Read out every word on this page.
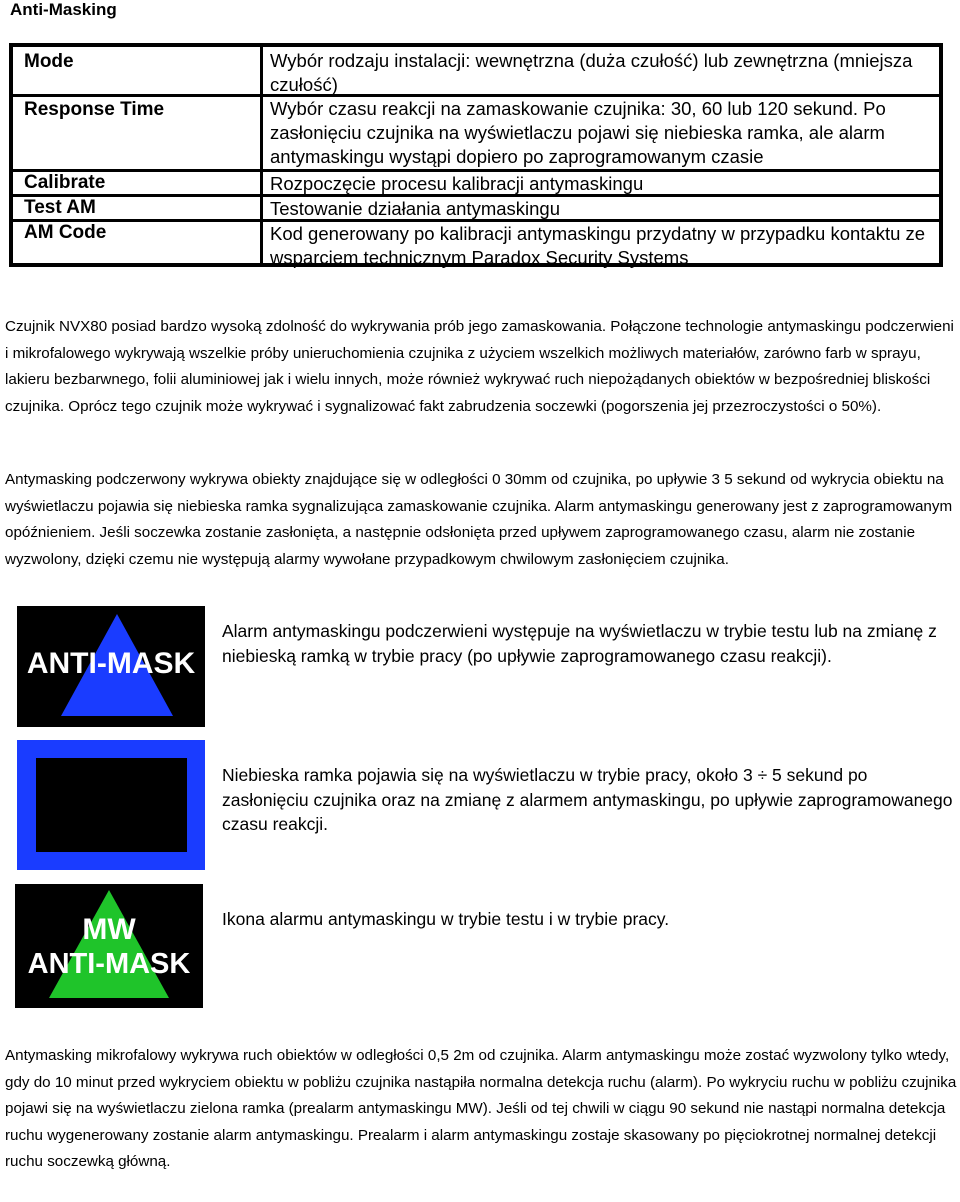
Anti-Masking
Mode	Wybór rodzaju instalacji: wewnętrzna (duża czułość) lub zewnętrzna (mniejsza czułość)
Response Time	Wybór czasu reakcji na zamaskowanie czujnika: 30, 60 lub 120 sekund. Po zasłonięciu czujnika na wyświetlaczu pojawi się niebieska ramka, ale alarm antymaskingu wystąpi dopiero po zaprogramowanym czasie
Calibrate	Rozpoczęcie procesu kalibracji antymaskingu
Test AM	Testowanie działania antymaskingu
AM Code	Kod generowany po kalibracji antymaskingu przydatny w przypadku kontaktu ze wsparciem technicznym Paradox Security Systems

Czujnik NVX80 posiad bardzo wysoką zdolność do wykrywania prób jego zamaskowania. Połączone technologie antymaskingu podczerwieni i mikrofalowego wykrywają wszelkie próby unieruchomienia czujnika z użyciem wszelkich możliwych materiałów, zarówno farb w sprayu, lakieru bezbarwnego, folii aluminiowej jak i wielu innych, może również wykrywać ruch niepożądanych obiektów w bezpośredniej bliskości czujnika. Oprócz tego czujnik może wykrywać i sygnalizować fakt zabrudzenia soczewki (pogorszenia jej przezroczystości o 50%).

Antymasking podczerwony wykrywa obiekty znajdujące się w odległości 0 30mm od czujnika, po upływie 3 5 sekund od wykrycia obiektu na wyświetlaczu pojawia się niebieska ramka sygnalizująca zamaskowanie czujnika. Alarm antymaskingu generowany jest z zaprogramowanym opóźnieniem. Jeśli soczewka zostanie zasłonięta, a następnie odsłonięta przed upływem zaprogramowanego czasu, alarm nie zostanie wyzwolony, dzięki czemu nie występują alarmy wywołane przypadkowym chwilowym zasłonięciem czujnika.

ANTI-MASK
Alarm antymaskingu podczerwieni występuje na wyświetlaczu w trybie testu lub na zmianę z niebieską ramką w trybie pracy (po upływie zaprogramowanego czasu reakcji).
Niebieska ramka pojawia się na wyświetlaczu w trybie pracy, około 3 ÷ 5 sekund po zasłonięciu czujnika oraz na zmianę z alarmem antymaskingu, po upływie zaprogramowanego czasu reakcji.
MW
ANTI-MASK
Ikona alarmu antymaskingu w trybie testu i w trybie pracy.

Antymasking mikrofalowy wykrywa ruch obiektów w odległości 0,5 2m od czujnika. Alarm antymaskingu może zostać wyzwolony tylko wtedy, gdy do 10 minut przed wykryciem obiektu w pobliżu czujnika nastąpiła normalna detekcja ruchu (alarm). Po wykryciu ruchu w pobliżu czujnika pojawi się na wyświetlaczu zielona ramka (prealarm antymaskingu MW). Jeśli od tej chwili w ciągu 90 sekund nie nastąpi normalna detekcja ruchu wygenerowany zostanie alarm antymaskingu. Prealarm i alarm antymaskingu zostaje skasowany po pięciokrotnej normalnej detekcji ruchu soczewką główną.
